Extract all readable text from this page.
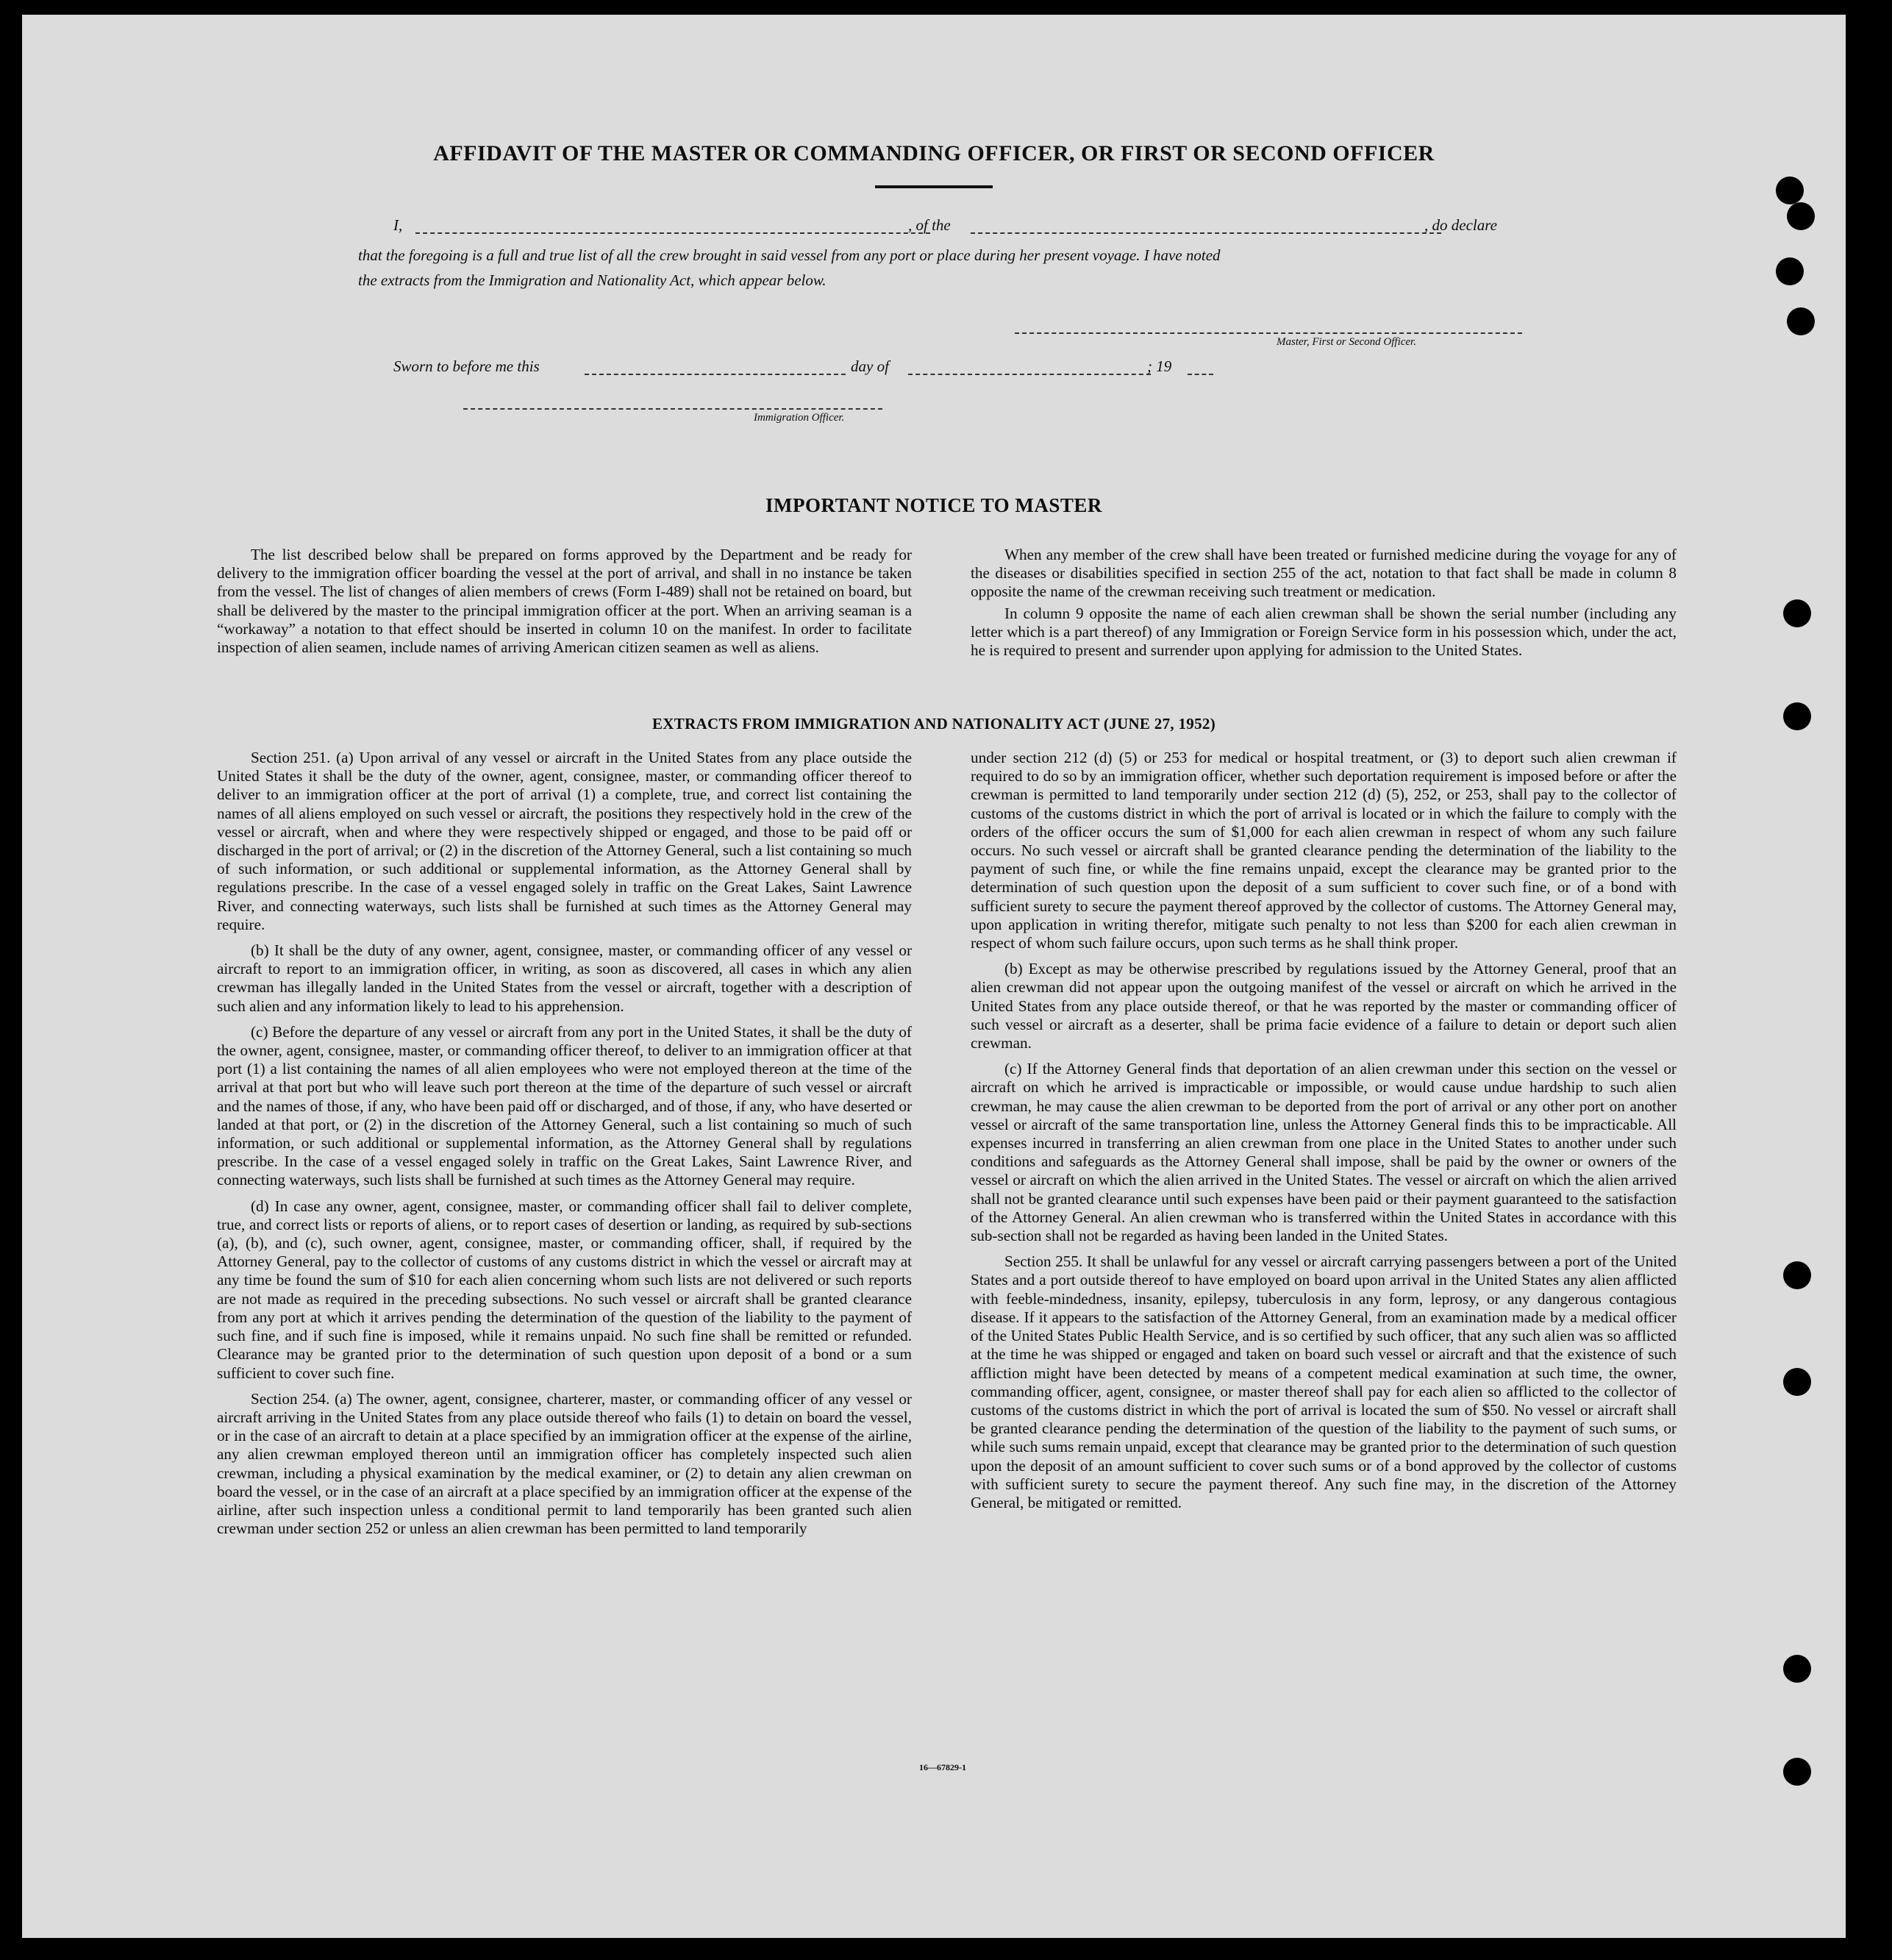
AFFIDAVIT OF THE MASTER OR COMMANDING OFFICER, OR FIRST OR SECOND OFFICER
I,	, of the	, do declare
that the foregoing is a full and true list of all the crew brought in said vessel from any port or place during her present voyage. I have noted
the extracts from the Immigration and Nationality Act, which appear below.
Master, First or Second Officer.
Sworn to before me this	day of	; 19
Immigration Officer.
IMPORTANT NOTICE TO MASTER

The list described below shall be prepared on forms approved by the Department and be ready for delivery to the immigration officer boarding the vessel at the port of arrival, and shall in no instance be taken from the vessel. The list of changes of alien members of crews (Form I-489) shall not be retained on board, but shall be delivered by the master to the principal immigration officer at the port. When an arriving seaman is a “workaway” a notation to that effect should be inserted in column 10 on the manifest. In order to facilitate inspection of alien seamen, include names of arriving American citizen seamen as well as aliens.

When any member of the crew shall have been treated or furnished medicine during the voyage for any of the diseases or disabilities specified in section 255 of the act, notation to that fact shall be made in column 8 opposite the name of the crewman receiving such treatment or medication.

In column 9 opposite the name of each alien crewman shall be shown the serial number (including any letter which is a part thereof) of any Immigration or Foreign Service form in his possession which, under the act, he is required to present and surrender upon applying for admission to the United States.

EXTRACTS FROM IMMIGRATION AND NATIONALITY ACT (JUNE 27, 1952)

Section 251. (a) Upon arrival of any vessel or aircraft in the United States from any place outside the United States it shall be the duty of the owner, agent, consignee, master, or commanding officer thereof to deliver to an immigration officer at the port of arrival (1) a complete, true, and correct list containing the names of all aliens employed on such vessel or aircraft, the positions they respectively hold in the crew of the vessel or aircraft, when and where they were respectively shipped or engaged, and those to be paid off or discharged in the port of arrival; or (2) in the discretion of the Attorney General, such a list containing so much of such information, or such additional or supplemental information, as the Attorney General shall by regulations prescribe. In the case of a vessel engaged solely in traffic on the Great Lakes, Saint Lawrence River, and connecting waterways, such lists shall be furnished at such times as the Attorney General may require.

(b) It shall be the duty of any owner, agent, consignee, master, or commanding officer of any vessel or aircraft to report to an immigration officer, in writing, as soon as discovered, all cases in which any alien crewman has illegally landed in the United States from the vessel or aircraft, together with a description of such alien and any information likely to lead to his apprehension.

(c) Before the departure of any vessel or aircraft from any port in the United States, it shall be the duty of the owner, agent, consignee, master, or commanding officer thereof, to deliver to an immigration officer at that port (1) a list containing the names of all alien employees who were not employed thereon at the time of the arrival at that port but who will leave such port thereon at the time of the departure of such vessel or aircraft and the names of those, if any, who have been paid off or discharged, and of those, if any, who have deserted or landed at that port, or (2) in the discretion of the Attorney General, such a list containing so much of such information, or such additional or supplemental information, as the Attorney General shall by regulations prescribe. In the case of a vessel engaged solely in traffic on the Great Lakes, Saint Lawrence River, and connecting waterways, such lists shall be furnished at such times as the Attorney General may require.

(d) In case any owner, agent, consignee, master, or commanding officer shall fail to deliver complete, true, and correct lists or reports of aliens, or to report cases of desertion or landing, as required by sub-sections (a), (b), and (c), such owner, agent, consignee, master, or commanding officer, shall, if required by the Attorney General, pay to the collector of customs of any customs district in which the vessel or aircraft may at any time be found the sum of $10 for each alien concerning whom such lists are not delivered or such reports are not made as required in the preceding subsections. No such vessel or aircraft shall be granted clearance from any port at which it arrives pending the determination of the question of the liability to the payment of such fine, and if such fine is imposed, while it remains unpaid. No such fine shall be remitted or refunded. Clearance may be granted prior to the determination of such question upon deposit of a bond or a sum sufficient to cover such fine.

Section 254. (a) The owner, agent, consignee, charterer, master, or commanding officer of any vessel or aircraft arriving in the United States from any place outside thereof who fails (1) to detain on board the vessel, or in the case of an aircraft to detain at a place specified by an immigration officer at the expense of the airline, any alien crewman employed thereon until an immigration officer has completely inspected such alien crewman, including a physical examination by the medical examiner, or (2) to detain any alien crewman on board the vessel, or in the case of an aircraft at a place specified by an immigration officer at the expense of the airline, after such inspection unless a conditional permit to land temporarily has been granted such alien crewman under section 252 or unless an alien crewman has been permitted to land temporarily

under section 212 (d) (5) or 253 for medical or hospital treatment, or (3) to deport such alien crewman if required to do so by an immigration officer, whether such deportation requirement is imposed before or after the crewman is permitted to land temporarily under section 212 (d) (5), 252, or 253, shall pay to the collector of customs of the customs district in which the port of arrival is located or in which the failure to comply with the orders of the officer occurs the sum of $1,000 for each alien crewman in respect of whom any such failure occurs. No such vessel or aircraft shall be granted clearance pending the determination of the liability to the payment of such fine, or while the fine remains unpaid, except the clearance may be granted prior to the determination of such question upon the deposit of a sum sufficient to cover such fine, or of a bond with sufficient surety to secure the payment thereof approved by the collector of customs. The Attorney General may, upon application in writing therefor, mitigate such penalty to not less than $200 for each alien crewman in respect of whom such failure occurs, upon such terms as he shall think proper.

(b) Except as may be otherwise prescribed by regulations issued by the Attorney General, proof that an alien crewman did not appear upon the outgoing manifest of the vessel or aircraft on which he arrived in the United States from any place outside thereof, or that he was reported by the master or commanding officer of such vessel or aircraft as a deserter, shall be prima facie evidence of a failure to detain or deport such alien crewman.

(c) If the Attorney General finds that deportation of an alien crewman under this section on the vessel or aircraft on which he arrived is impracticable or impossible, or would cause undue hardship to such alien crewman, he may cause the alien crewman to be deported from the port of arrival or any other port on another vessel or aircraft of the same transportation line, unless the Attorney General finds this to be impracticable. All expenses incurred in transferring an alien crewman from one place in the United States to another under such conditions and safeguards as the Attorney General shall impose, shall be paid by the owner or owners of the vessel or aircraft on which the alien arrived in the United States. The vessel or aircraft on which the alien arrived shall not be granted clearance until such expenses have been paid or their payment guaranteed to the satisfaction of the Attorney General. An alien crewman who is transferred within the United States in accordance with this sub-section shall not be regarded as having been landed in the United States.

Section 255. It shall be unlawful for any vessel or aircraft carrying passengers between a port of the United States and a port outside thereof to have employed on board upon arrival in the United States any alien afflicted with feeble-mindedness, insanity, epilepsy, tuberculosis in any form, leprosy, or any dangerous contagious disease. If it appears to the satisfaction of the Attorney General, from an examination made by a medical officer of the United States Public Health Service, and is so certified by such officer, that any such alien was so afflicted at the time he was shipped or engaged and taken on board such vessel or aircraft and that the existence of such affliction might have been detected by means of a competent medical examination at such time, the owner, commanding officer, agent, consignee, or master thereof shall pay for each alien so afflicted to the collector of customs of the customs district in which the port of arrival is located the sum of $50. No vessel or aircraft shall be granted clearance pending the determination of the question of the liability to the payment of such sums, or while such sums remain unpaid, except that clearance may be granted prior to the determination of such question upon the deposit of an amount sufficient to cover such sums or of a bond approved by the collector of customs with sufficient surety to secure the payment thereof. Any such fine may, in the discretion of the Attorney General, be mitigated or remitted.

16—67829-1
